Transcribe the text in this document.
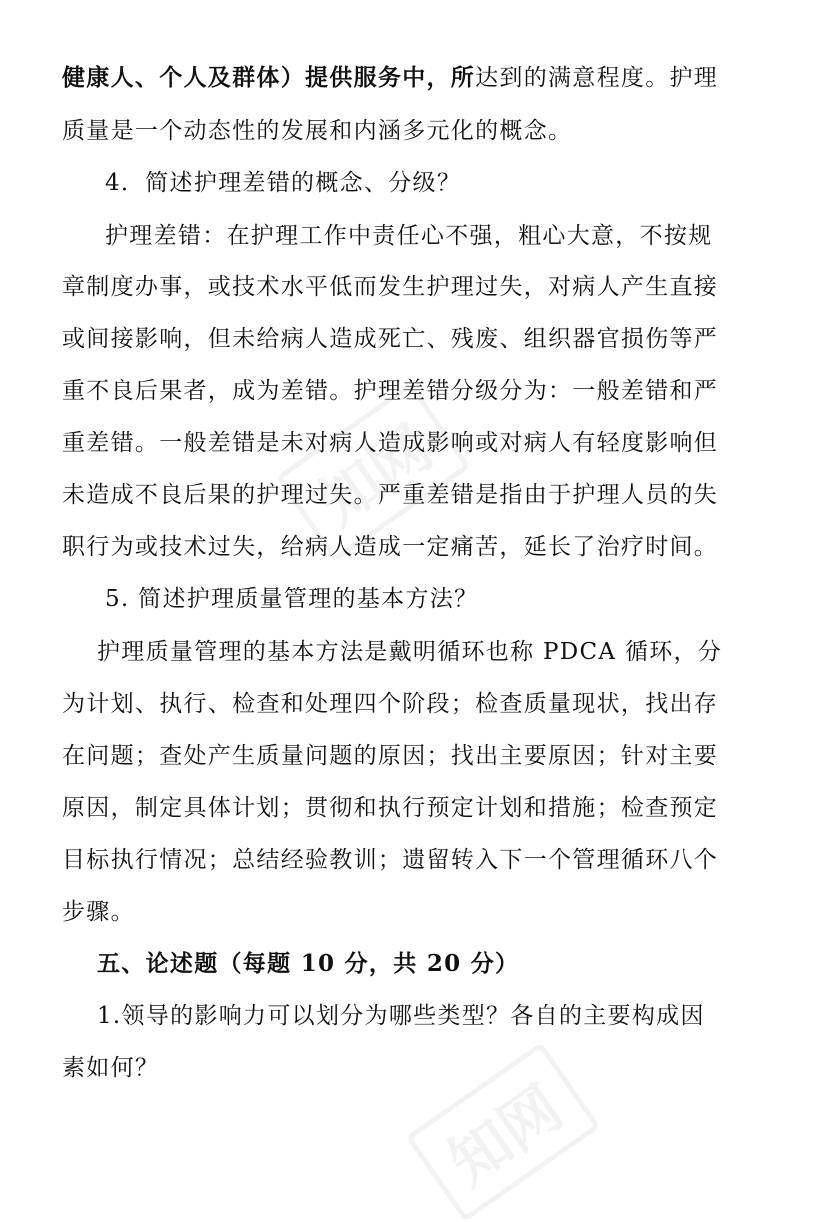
知网
知网
健康人、个人及群体）提供服务中，所达到的满意程度。护理
质量是一个动态性的发展和内涵多元化的概念。
4．简述护理差错的概念、分级？
护理差错：在护理工作中责任心不强，粗心大意，不按规
章制度办事，或技术水平低而发生护理过失，对病人产生直接
或间接影响，但未给病人造成死亡、残废、组织器官损伤等严
重不良后果者，成为差错。护理差错分级分为：一般差错和严
重差错。一般差错是未对病人造成影响或对病人有轻度影响但
未造成不良后果的护理过失。严重差错是指由于护理人员的失
职行为或技术过失，给病人造成一定痛苦，延长了治疗时间。
5. 简述护理质量管理的基本方法？
护理质量管理的基本方法是戴明循环也称 PDCA 循环，分
为计划、执行、检查和处理四个阶段；检查质量现状，找出存
在问题；查处产生质量问题的原因；找出主要原因；针对主要
原因，制定具体计划；贯彻和执行预定计划和措施；检查预定
目标执行情况；总结经验教训；遗留转入下一个管理循环八个
步骤。
五、论述题（每题 10 分，共 20 分）
1.领导的影响力可以划分为哪些类型？各自的主要构成因
素如何？
